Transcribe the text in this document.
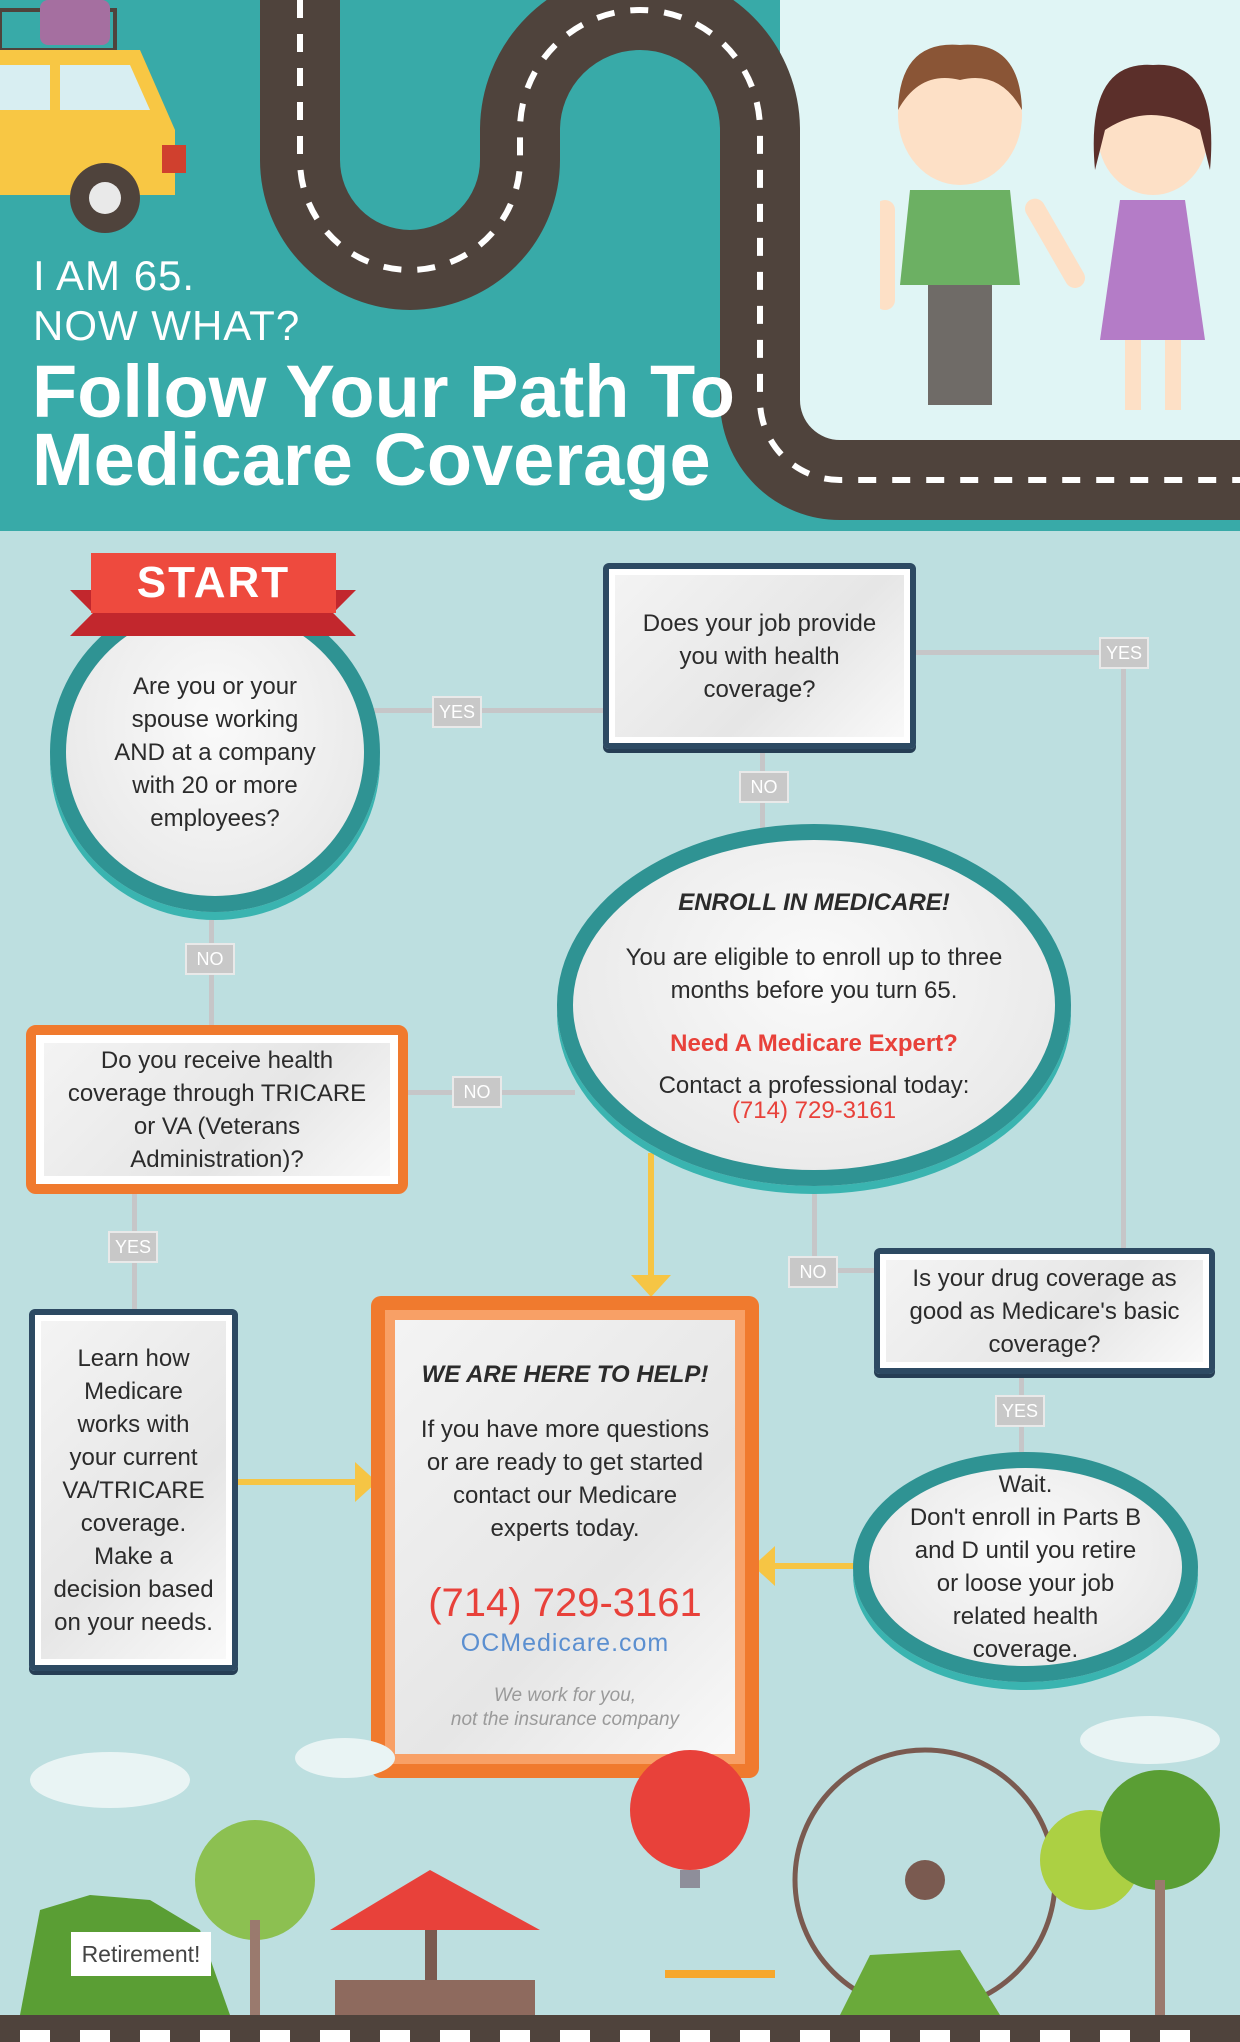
I AM 65.
NOW WHAT?
Follow Your Path To
Medicare Coverage
Are you or your spouse working AND at a company with 20 or more employees?
START
YES
Does your job provide you with health coverage?
YES
NO
ENROLL IN MEDICARE!
You are eligible to enroll up to three months before you turn 65.
Need A Medicare Expert?
Contact a professional today:
(714) 729-3161
NO
Do you receive health coverage through TRICARE or VA (Veterans Administration)?
NO
YES
Learn how Medicare works with your current VA/TRICARE coverage. Make a decision based on your needs.
WE ARE HERE TO HELP!
If you have more questions or are ready to get started contact our Medicare experts today.
(714) 729-3161
OCMedicare.com
We work for you,
not the insurance company
NO	Is your drug coverage as good as Medicare's basic coverage?
YES
Wait.
Don't enroll in Parts B and D until you retire or loose your job related health coverage.
Retirement!
